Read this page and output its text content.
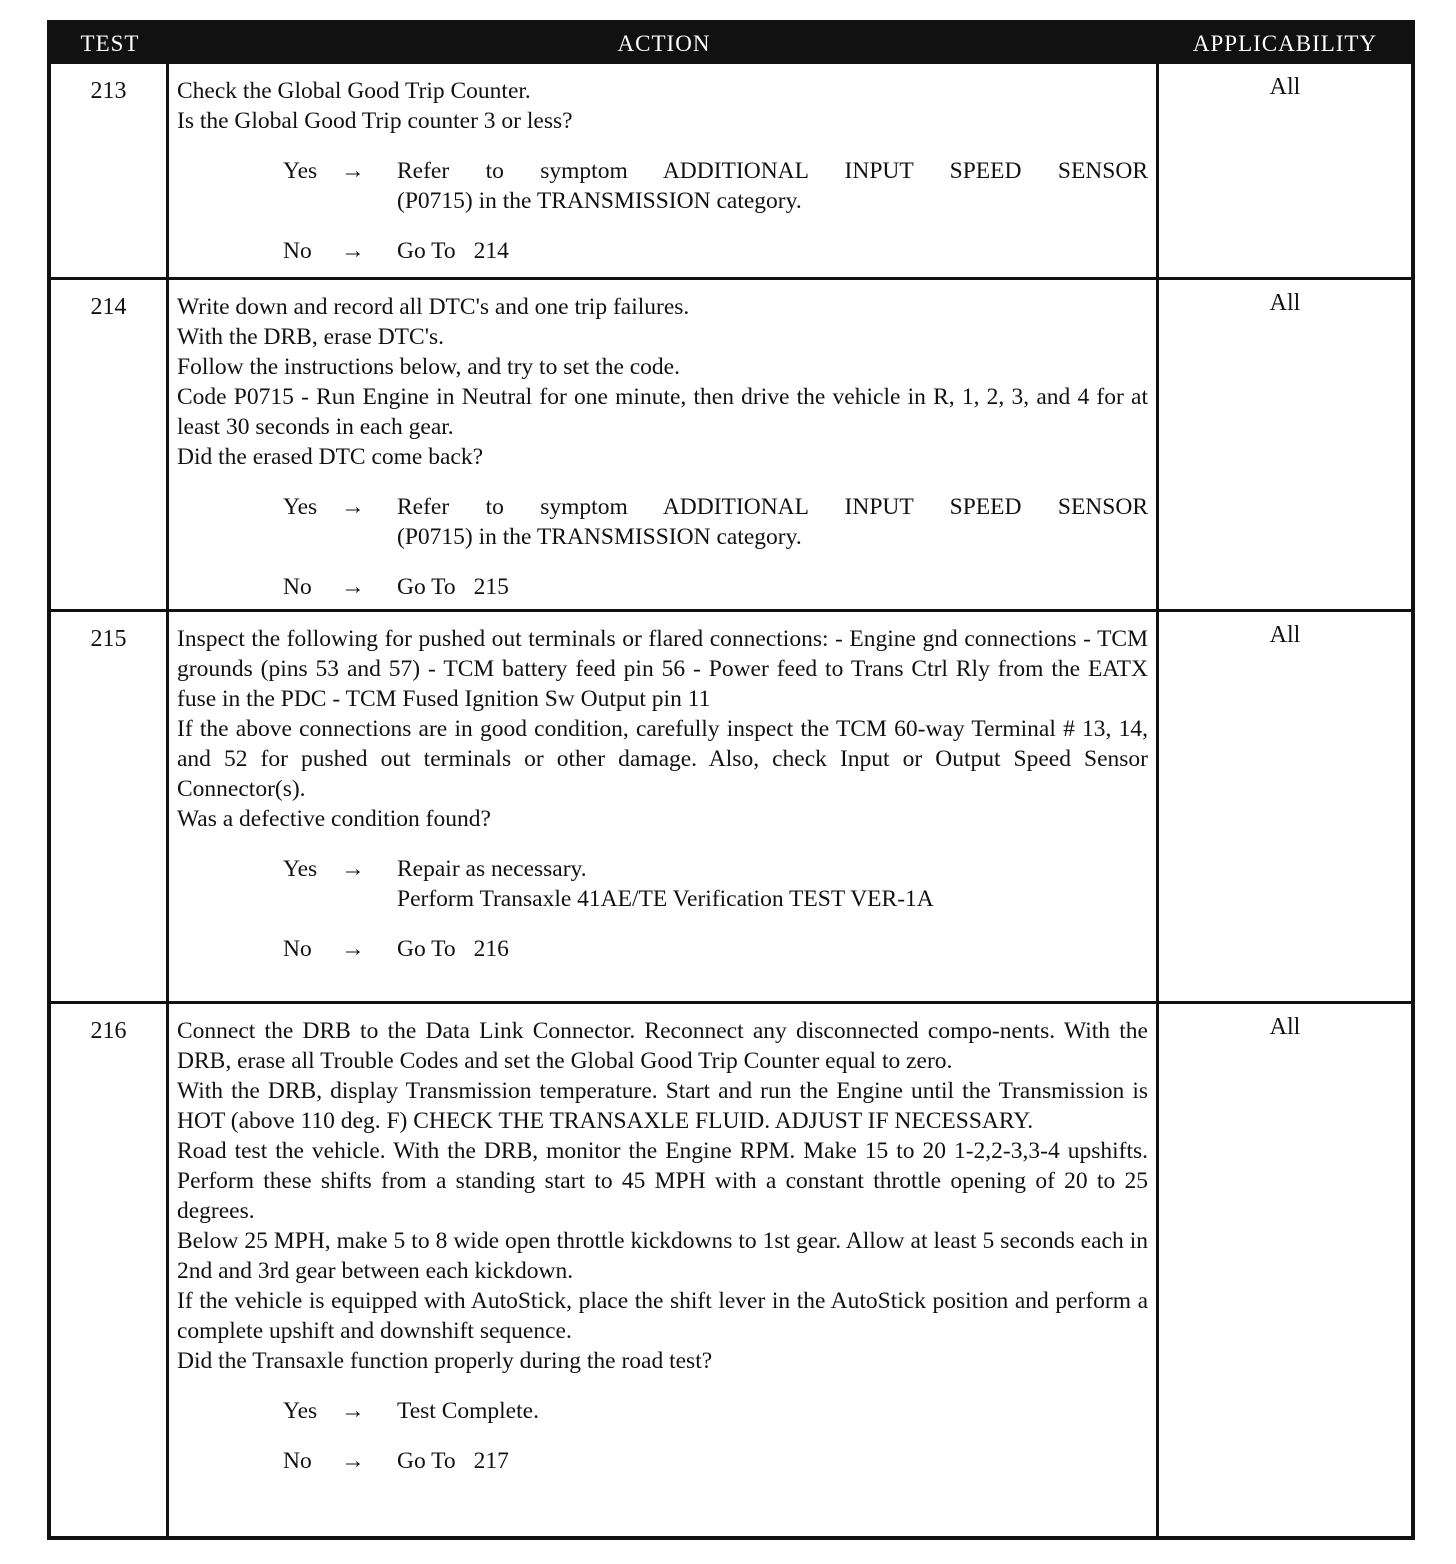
TEST	ACTION	APPLICABILITY
213	Check the Global Good Trip Counter.

Is the Global Good Trip counter 3 or less?

Yes	→	Refer to symptom ADDITIONAL INPUT SPEED SENSOR

(P0715) in the TRANSMISSION category.

No	→	Go To 214
All
214	Write down and record all DTC's and one trip failures.

With the DRB, erase DTC's.

Follow the instructions below, and try to set the code.

Code P0715 - Run Engine in Neutral for one minute, then drive the vehicle in R, 1, 2, 3, and 4 for at least 30 seconds in each gear.

Did the erased DTC come back?

Yes	→	Refer to symptom ADDITIONAL INPUT SPEED SENSOR

(P0715) in the TRANSMISSION category.

No	→	Go To 215
All
215	Inspect the following for pushed out terminals or flared connections: - Engine gnd connections - TCM grounds (pins 53 and 57) - TCM battery feed pin 56 - Power feed to Trans Ctrl Rly from the EATX fuse in the PDC - TCM Fused Ignition Sw Output pin 11

If the above connections are in good condition, carefully inspect the TCM 60-way Terminal # 13, 14, and 52 for pushed out terminals or other damage. Also, check Input or Output Speed Sensor Connector(s).

Was a defective condition found?

Yes	→	Repair as necessary.

Perform Transaxle 41AE/TE Verification TEST VER-1A

No	→	Go To 216
All
216	Connect the DRB to the Data Link Connector. Reconnect any disconnected compo-nents. With the DRB, erase all Trouble Codes and set the Global Good Trip Counter equal to zero.

With the DRB, display Transmission temperature. Start and run the Engine until the Transmission is HOT (above 110 deg. F) CHECK THE TRANSAXLE FLUID. ADJUST IF NECESSARY.

Road test the vehicle. With the DRB, monitor the Engine RPM. Make 15 to 20 1-2,2-3,3-4 upshifts. Perform these shifts from a standing start to 45 MPH with a constant throttle opening of 20 to 25 degrees.

Below 25 MPH, make 5 to 8 wide open throttle kickdowns to 1st gear. Allow at least 5 seconds each in 2nd and 3rd gear between each kickdown.

If the vehicle is equipped with AutoStick, place the shift lever in the AutoStick position and perform a complete upshift and downshift sequence.

Did the Transaxle function properly during the road test?

Yes	→	Test Complete.

No	→	Go To 217
All
